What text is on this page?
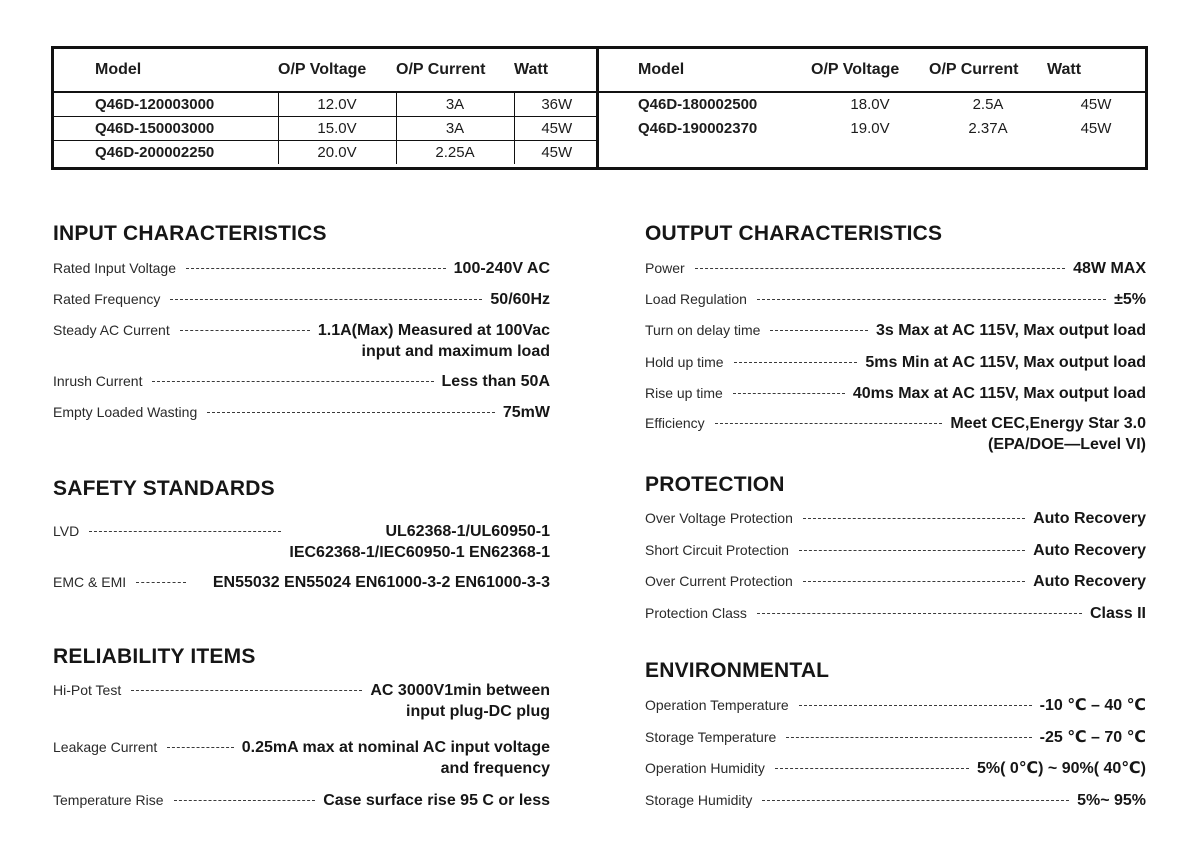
Model	O/P Voltage	O/P Current	Watt
Q46D-120003000	12.0V	3A	36W
Q46D-150003000	15.0V	3A	45W
Q46D-200002250	20.0V	2.25A	45W
Model	O/P Voltage	O/P Current	Watt
Q46D-180002500	18.0V	2.5A	45W
Q46D-190002370	19.0V	2.37A	45W

INPUT CHARACTERISTICS
Rated Input Voltage	100-240V AC
Rated Frequency	50/60Hz
Steady AC Current	1.1A(Max) Measured at 100Vac
input and maximum load
Inrush Current	Less than 50A
Empty Loaded Wasting	75mW
SAFETY STANDARDS
LVD	UL62368-1/UL60950-1
IEC62368-1/IEC60950-1 EN62368-1
EMC & EMI	EN55032 EN55024 EN61000-3-2 EN61000-3-3
RELIABILITY ITEMS
Hi-Pot Test	AC 3000V1min between
input plug-DC plug
Leakage Current	0.25mA max at nominal AC input voltage
and frequency
Temperature Rise	Case surface rise 95 C or less
OUTPUT CHARACTERISTICS
Power	48W MAX
Load Regulation	±5%
Turn on delay time	3s Max at AC 115V, Max output load
Hold up time	5ms Min at AC 115V, Max output load
Rise up time	40ms Max at AC 115V, Max output load
Efficiency	Meet CEC,Energy Star 3.0
(EPA/DOE—Level VI)
PROTECTION
Over Voltage Protection	Auto Recovery
Short Circuit Protection	Auto Recovery
Over Current Protection	Auto Recovery
Protection Class	Class II
ENVIRONMENTAL
Operation Temperature	-10 ℃ – 40 ℃
Storage Temperature	-25 ℃ – 70 ℃
Operation Humidity	5%( 0℃) ~ 90%( 40℃)
Storage Humidity	5%~ 95%
